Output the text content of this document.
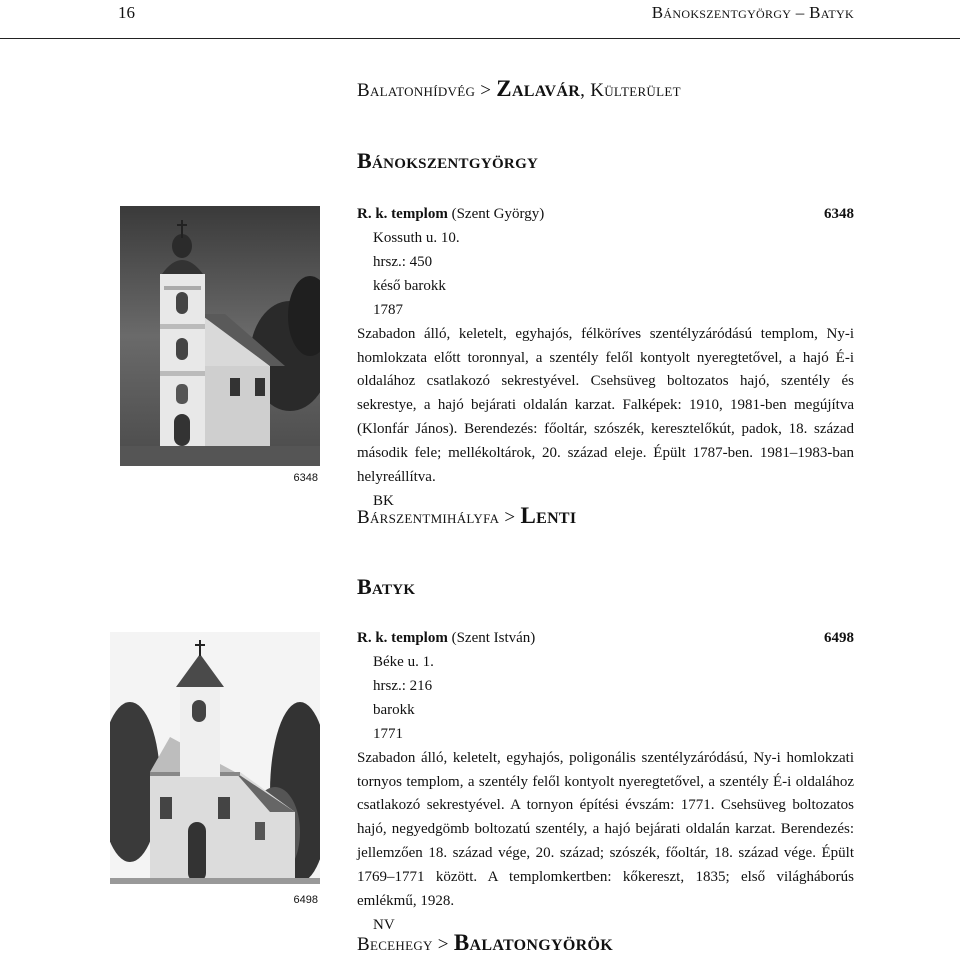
16	Bánokszentgyörgy – Batyk
Balatonhídvég > Zalavár, Külterület
Bánokszentgyörgy
6348
R. k. templom (Szent György)	6348
Kossuth u. 10.
hrsz.: 450
késő barokk
1787
Szabadon álló, keletelt, egyhajós, félköríves szentélyzáródású templom, Ny-i homlokzata előtt toronnyal, a szentély felől kontyolt nyeregtetővel, a hajó É-i oldalához csatlakozó sekrestyével. Csehsüveg boltozatos hajó, szentély és sekrestye, a hajó bejárati oldalán karzat. Falképek: 1910, 1981-ben megújítva (Klonfár János). Berendezés: főoltár, szószék, keresztelőkút, padok, 18. század második fele; mellékoltárok, 20. század eleje. Épült 1787-ben. 1981–1983-ban helyreállítva.
BK
Bárszentmihályfa > Lenti
Batyk
6498
R. k. templom (Szent István)	6498
Béke u. 1.
hrsz.: 216
barokk
1771
Szabadon álló, keletelt, egyhajós, poligonális szentélyzáródású, Ny-i homlokzati tornyos templom, a szentély felől kontyolt nyeregtetővel, a szentély É-i oldalához csatlakozó sekrestyével. A tornyon építési évszám: 1771. Csehsüveg boltozatos hajó, negyedgömb boltozatú szentély, a hajó bejárati oldalán karzat. Berendezés: jellemzően 18. század vége, 20. század; szószék, főoltár, 18. század vége. Épült 1769–1771 között. A templomkertben: kőkereszt, 1835; első világháborús emlékmű, 1928.
NV
Becehegy > Balatongyörök
